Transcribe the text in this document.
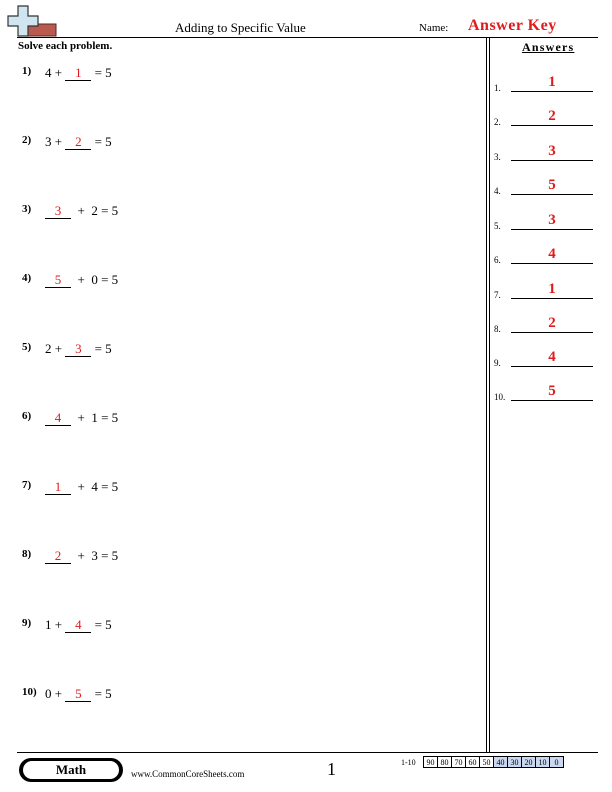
Adding to Specific Value	Name: Answer Key
Solve each problem.
1) 4 + 1 = 5
2) 3 + 2 = 5
3)	3  +  2 = 5
4)	5  +  0 = 5
5) 2 + 3 = 5
6)	4  +  1 = 5
7)	1  +  4 = 5
8)	2  +  3 = 5
9) 1 + 4 = 5
10) 0 + 5 = 5
Answers
1.	1
2.	2
3.	3
4.	5
5.	3
6.	4
7.	1
8.	2
9.	4
10.	5
Math	www.CommonCoreSheets.com	1	1-10 90	80	70	60	50	40	30	20	10	0
